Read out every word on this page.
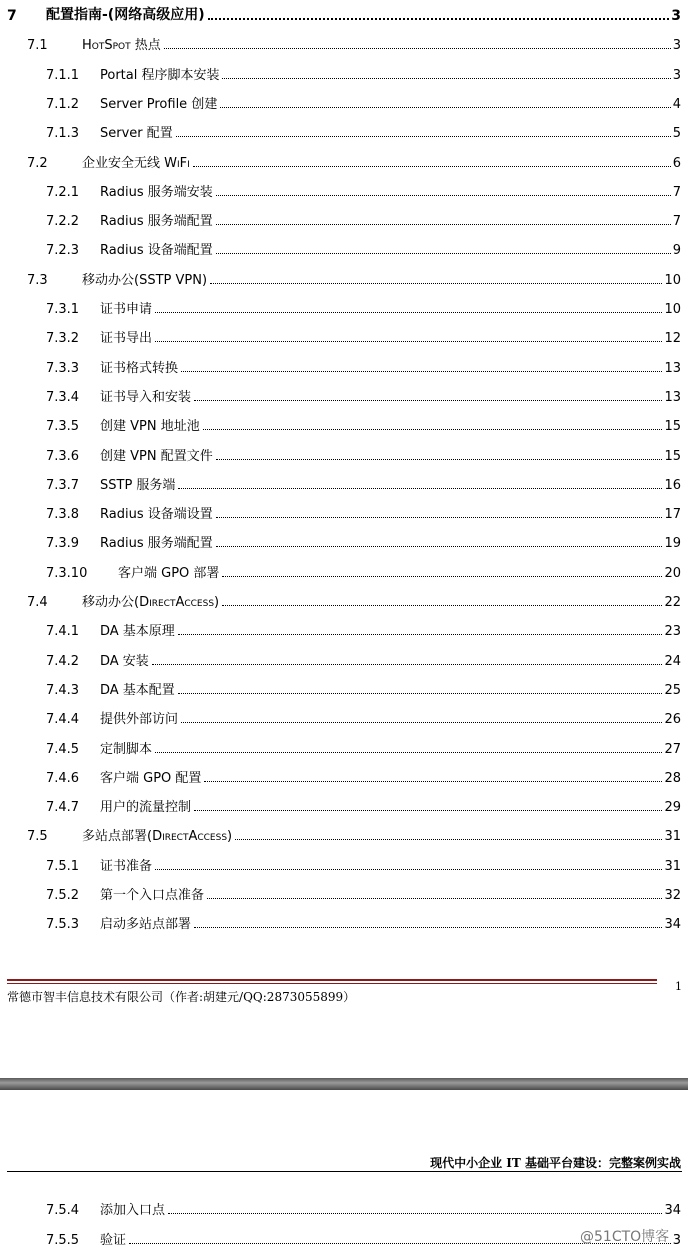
7 配置指南-(网络高级应用)	3
7.1	HotSpot 热点	3
7.1.1 Portal 程序脚本安装	3
7.1.2 Server Profile 创建	4
7.1.3 Server 配置	5
7.2	企业安全无线 WiFi	6
7.2.1 Radius 服务端安装	7
7.2.2 Radius 服务端配置	7
7.2.3 Radius 设备端配置	9
7.3	移动办公(SSTP VPN)	10
7.3.1 证书申请	10
7.3.2 证书导出	12
7.3.3 证书格式转换	13
7.3.4 证书导入和安装	13
7.3.5 创建 VPN 地址池	15
7.3.6 创建 VPN 配置文件	15
7.3.7 SSTP 服务端	16
7.3.8 Radius 设备端设置	17
7.3.9 Radius 服务端配置	19
7.3.10 客户端 GPO 部署	20
7.4	移动办公(DirectAccess)	22
7.4.1 DA 基本原理	23
7.4.2 DA 安装	24
7.4.3 DA 基本配置	25
7.4.4 提供外部访问	26
7.4.5 定制脚本	27
7.4.6 客户端 GPO 配置	28
7.4.7 用户的流量控制	29
7.5	多站点部署(DirectAccess)	31
7.5.1 证书准备	31
7.5.2 第一个入口点准备	32
7.5.3 启动多站点部署	34
常德市智丰信息技术有限公司（作者:胡建元/QQ:2873055899）
1
现代中小企业 IT 基础平台建设：完整案例实战
7.5.4 添加入口点	34
7.5.5 验证	3
@51CTO博客
